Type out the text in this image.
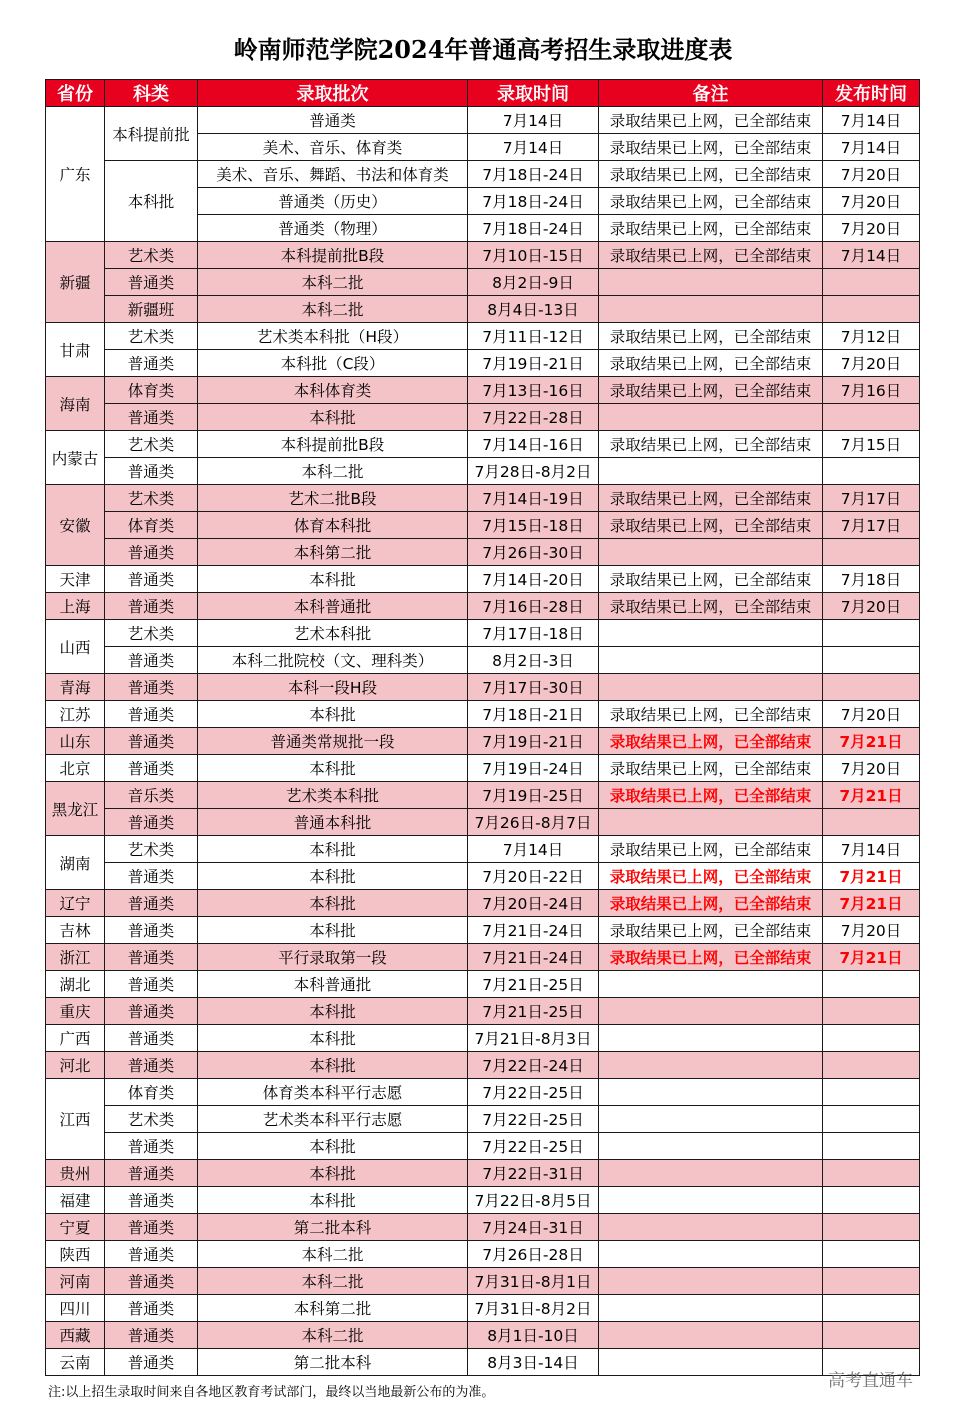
岭南师范学院2024年普通高考招生录取进度表
省份	科类	录取批次	录取时间	备注	发布时间
广东	本科提前批	普通类	7月14日	录取结果已上网，已全部结束	7月14日
		美术、音乐、体育类	7月14日	录取结果已上网，已全部结束	7月14日
	本科批	美术、音乐、舞蹈、书法和体育类	7月18日-24日	录取结果已上网，已全部结束	7月20日
		普通类（历史）	7月18日-24日	录取结果已上网，已全部结束	7月20日
		普通类（物理）	7月18日-24日	录取结果已上网，已全部结束	7月20日
新疆	艺术类	本科提前批B段	7月10日-15日	录取结果已上网，已全部结束	7月14日
	普通类	本科二批	8月2日-9日		
	新疆班	本科二批	8月4日-13日		
甘肃	艺术类	艺术类本科批（H段）	7月11日-12日	录取结果已上网，已全部结束	7月12日
	普通类	本科批（C段）	7月19日-21日	录取结果已上网，已全部结束	7月20日
海南	体育类	本科体育类	7月13日-16日	录取结果已上网，已全部结束	7月16日
	普通类	本科批	7月22日-28日		
内蒙古	艺术类	本科提前批B段	7月14日-16日	录取结果已上网，已全部结束	7月15日
	普通类	本科二批	7月28日-8月2日		
安徽	艺术类	艺术二批B段	7月14日-19日	录取结果已上网，已全部结束	7月17日
	体育类	体育本科批	7月15日-18日	录取结果已上网，已全部结束	7月17日
	普通类	本科第二批	7月26日-30日		
天津	普通类	本科批	7月14日-20日	录取结果已上网，已全部结束	7月18日
上海	普通类	本科普通批	7月16日-28日	录取结果已上网，已全部结束	7月20日
山西	艺术类	艺术本科批	7月17日-18日		
	普通类	本科二批院校（文、理科类）	8月2日-3日		
青海	普通类	本科一段H段	7月17日-30日		
江苏	普通类	本科批	7月18日-21日	录取结果已上网，已全部结束	7月20日
山东	普通类	普通类常规批一段	7月19日-21日	录取结果已上网，已全部结束	7月21日
北京	普通类	本科批	7月19日-24日	录取结果已上网，已全部结束	7月20日
黑龙江	音乐类	艺术类本科批	7月19日-25日	录取结果已上网，已全部结束	7月21日
	普通类	普通本科批	7月26日-8月7日		
湖南	艺术类	本科批	7月14日	录取结果已上网，已全部结束	7月14日
	普通类	本科批	7月20日-22日	录取结果已上网，已全部结束	7月21日
辽宁	普通类	本科批	7月20日-24日	录取结果已上网，已全部结束	7月21日
吉林	普通类	本科批	7月21日-24日	录取结果已上网，已全部结束	7月20日
浙江	普通类	平行录取第一段	7月21日-24日	录取结果已上网，已全部结束	7月21日
湖北	普通类	本科普通批	7月21日-25日		
重庆	普通类	本科批	7月21日-25日		
广西	普通类	本科批	7月21日-8月3日		
河北	普通类	本科批	7月22日-24日		
江西	体育类	体育类本科平行志愿	7月22日-25日		
	艺术类	艺术类本科平行志愿	7月22日-25日		
	普通类	本科批	7月22日-25日		
贵州	普通类	本科批	7月22日-31日		
福建	普通类	本科批	7月22日-8月5日		
宁夏	普通类	第二批本科	7月24日-31日		
陕西	普通类	本科二批	7月26日-28日		
河南	普通类	本科二批	7月31日-8月1日		
四川	普通类	本科第二批	7月31日-8月2日		
西藏	普通类	本科二批	8月1日-10日		
云南	普通类	第二批本科	8月3日-14日		
注:以上招生录取时间来自各地区教育考试部门，最终以当地最新公布的为准。
高考直通车
